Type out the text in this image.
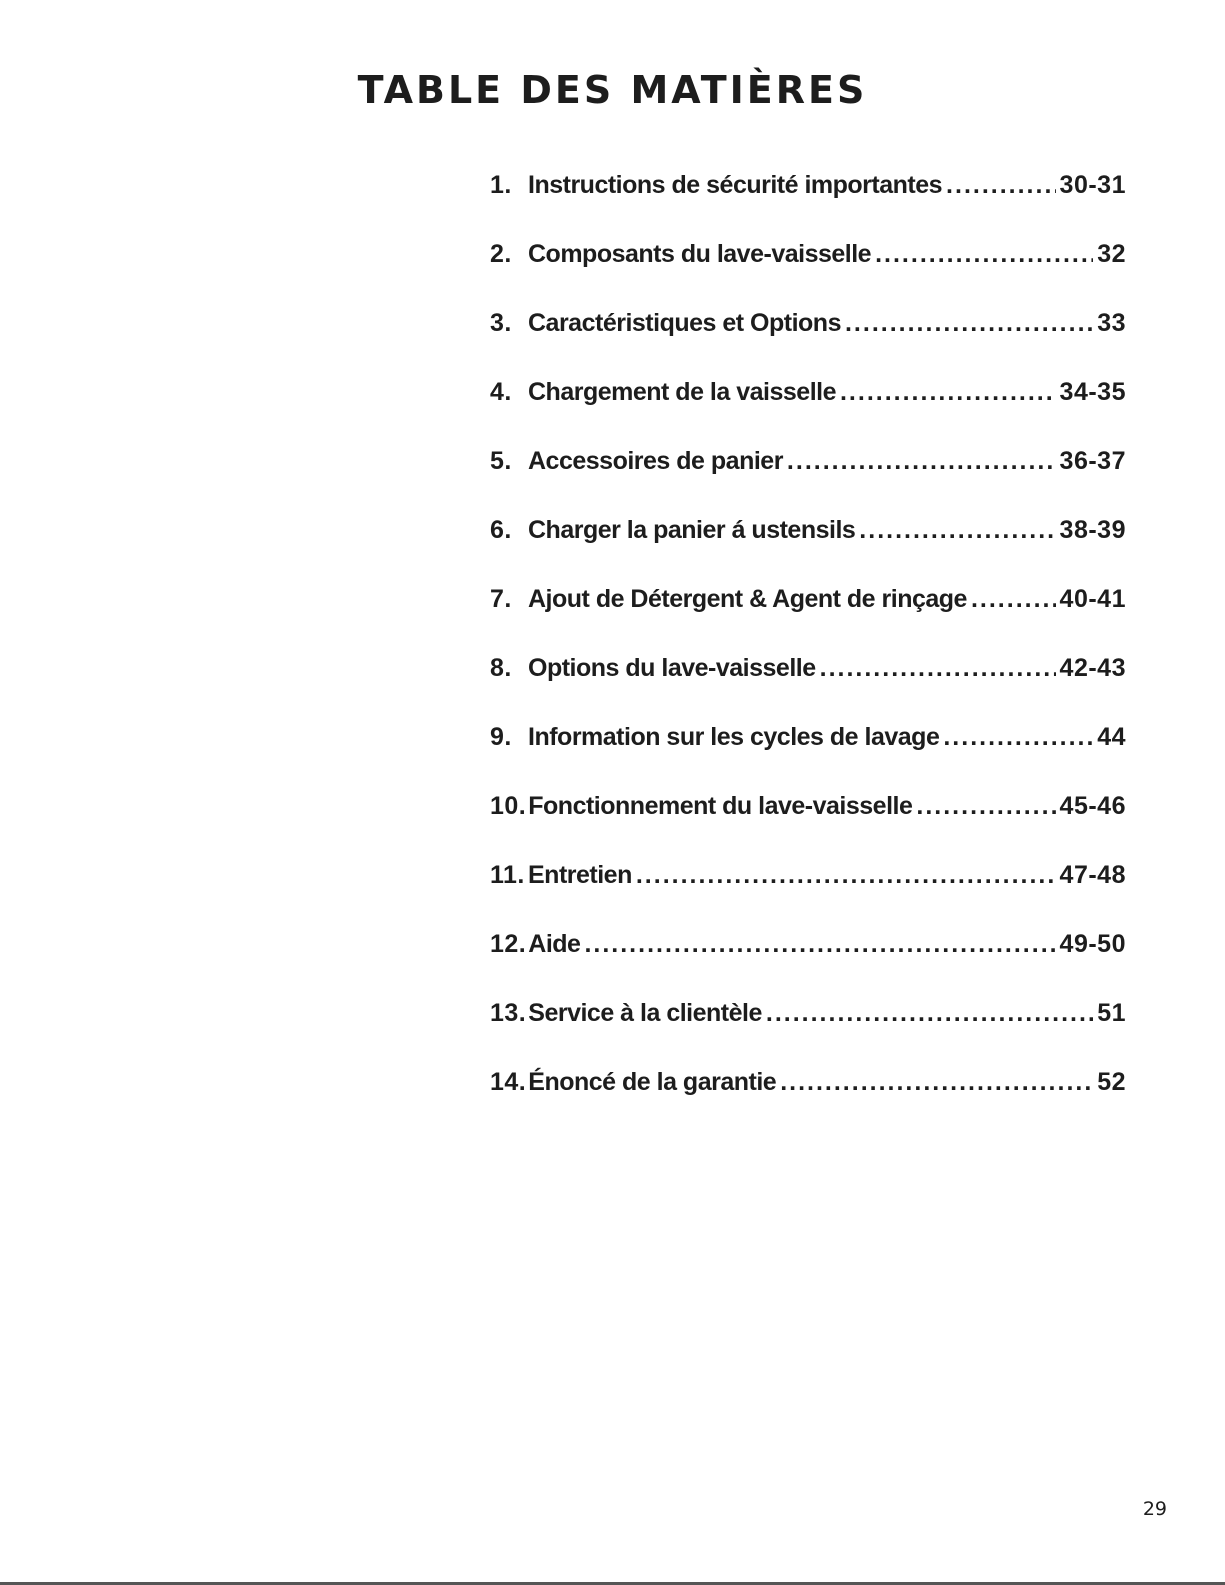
TABLE DES MATIÈRES
1. Instructions de sécurité importantes .....	30-31
2. Composants du lave-vaisselle .....	32
3. Caractéristiques et Options .....	33
4. Chargement de la vaisselle .....	34-35
5. Accessoires de panier .....	36-37
6. Charger la panier á ustensils .....	38-39
7. Ajout de Détergent & Agent de rinçage .....	40-41
8. Options du lave-vaisselle .....	42-43
9. Information sur les cycles de lavage .....	44
10. Fonctionnement du lave-vaisselle .....	45-46
11. Entretien .....	47-48
12. Aide .....	49-50
13. Service à la clientèle .....	51
14. Énoncé de la garantie .....	52
29
